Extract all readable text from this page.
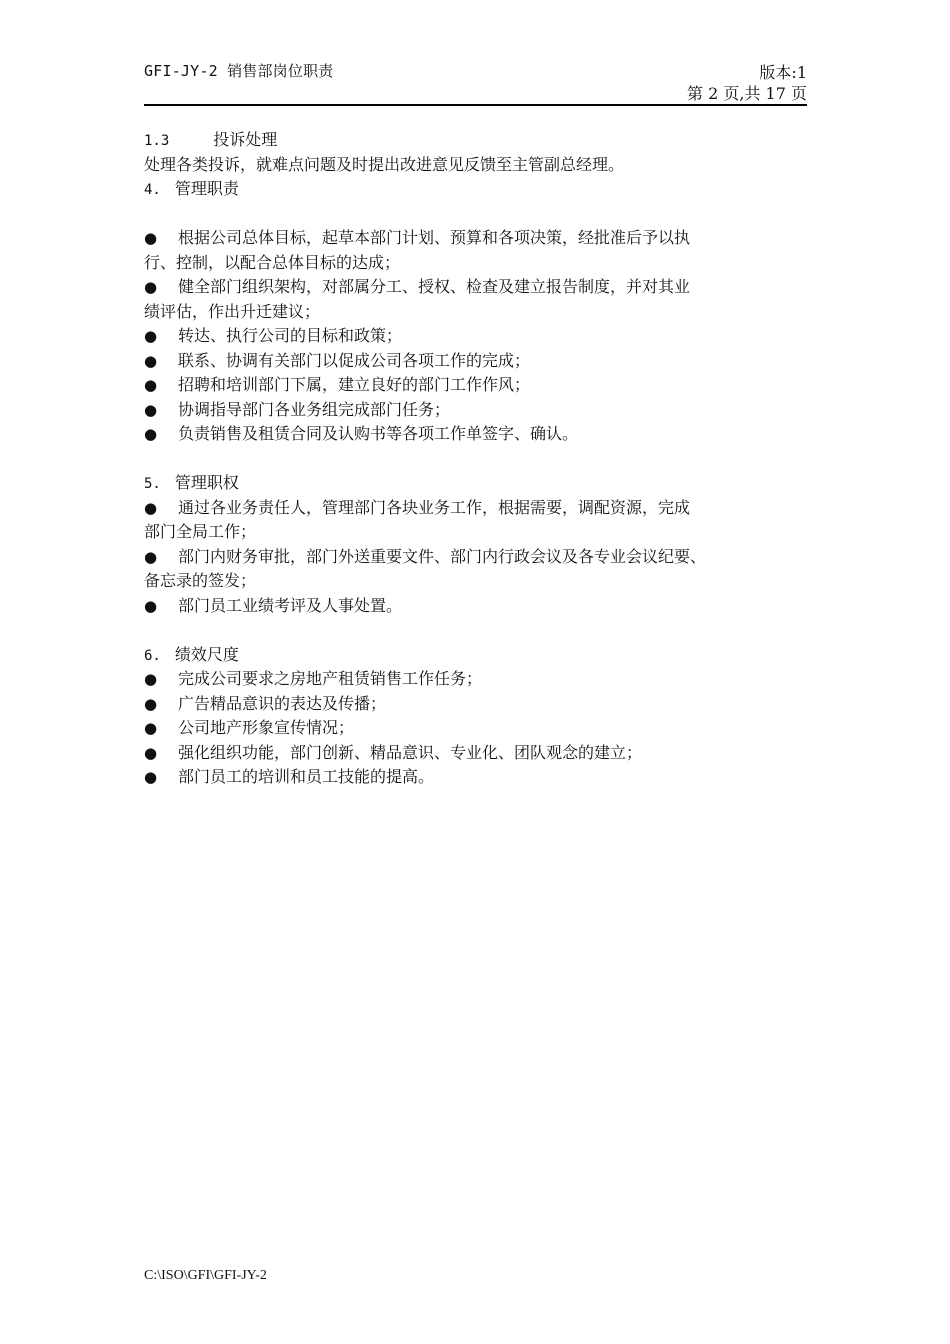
GFI-JY-2 销售部岗位职责	版本:1
第 2 页,共 17 页
1.3	投诉处理
处理各类投诉，就难点问题及时提出改进意见反馈至主管副总经理。
4. 管理职责
● 根据公司总体目标，起草本部门计划、预算和各项决策，经批准后予以执
行、控制，以配合总体目标的达成；
● 健全部门组织架构，对部属分工、授权、检查及建立报告制度，并对其业
绩评估，作出升迁建议；
● 转达、执行公司的目标和政策；
● 联系、协调有关部门以促成公司各项工作的完成；
● 招聘和培训部门下属，建立良好的部门工作作风；
● 协调指导部门各业务组完成部门任务；
● 负责销售及租赁合同及认购书等各项工作单签字、确认。
5. 管理职权
● 通过各业务责任人，管理部门各块业务工作，根据需要，调配资源，完成
部门全局工作；
● 部门内财务审批，部门外送重要文件、部门内行政会议及各专业会议纪要、
备忘录的签发；
● 部门员工业绩考评及人事处置。
6. 绩效尺度
● 完成公司要求之房地产租赁销售工作任务；
● 广告精品意识的表达及传播；
● 公司地产形象宣传情况；
● 强化组织功能，部门创新、精品意识、专业化、团队观念的建立；
● 部门员工的培训和员工技能的提高。
C:\ISO\GFI\GFI-JY-2
